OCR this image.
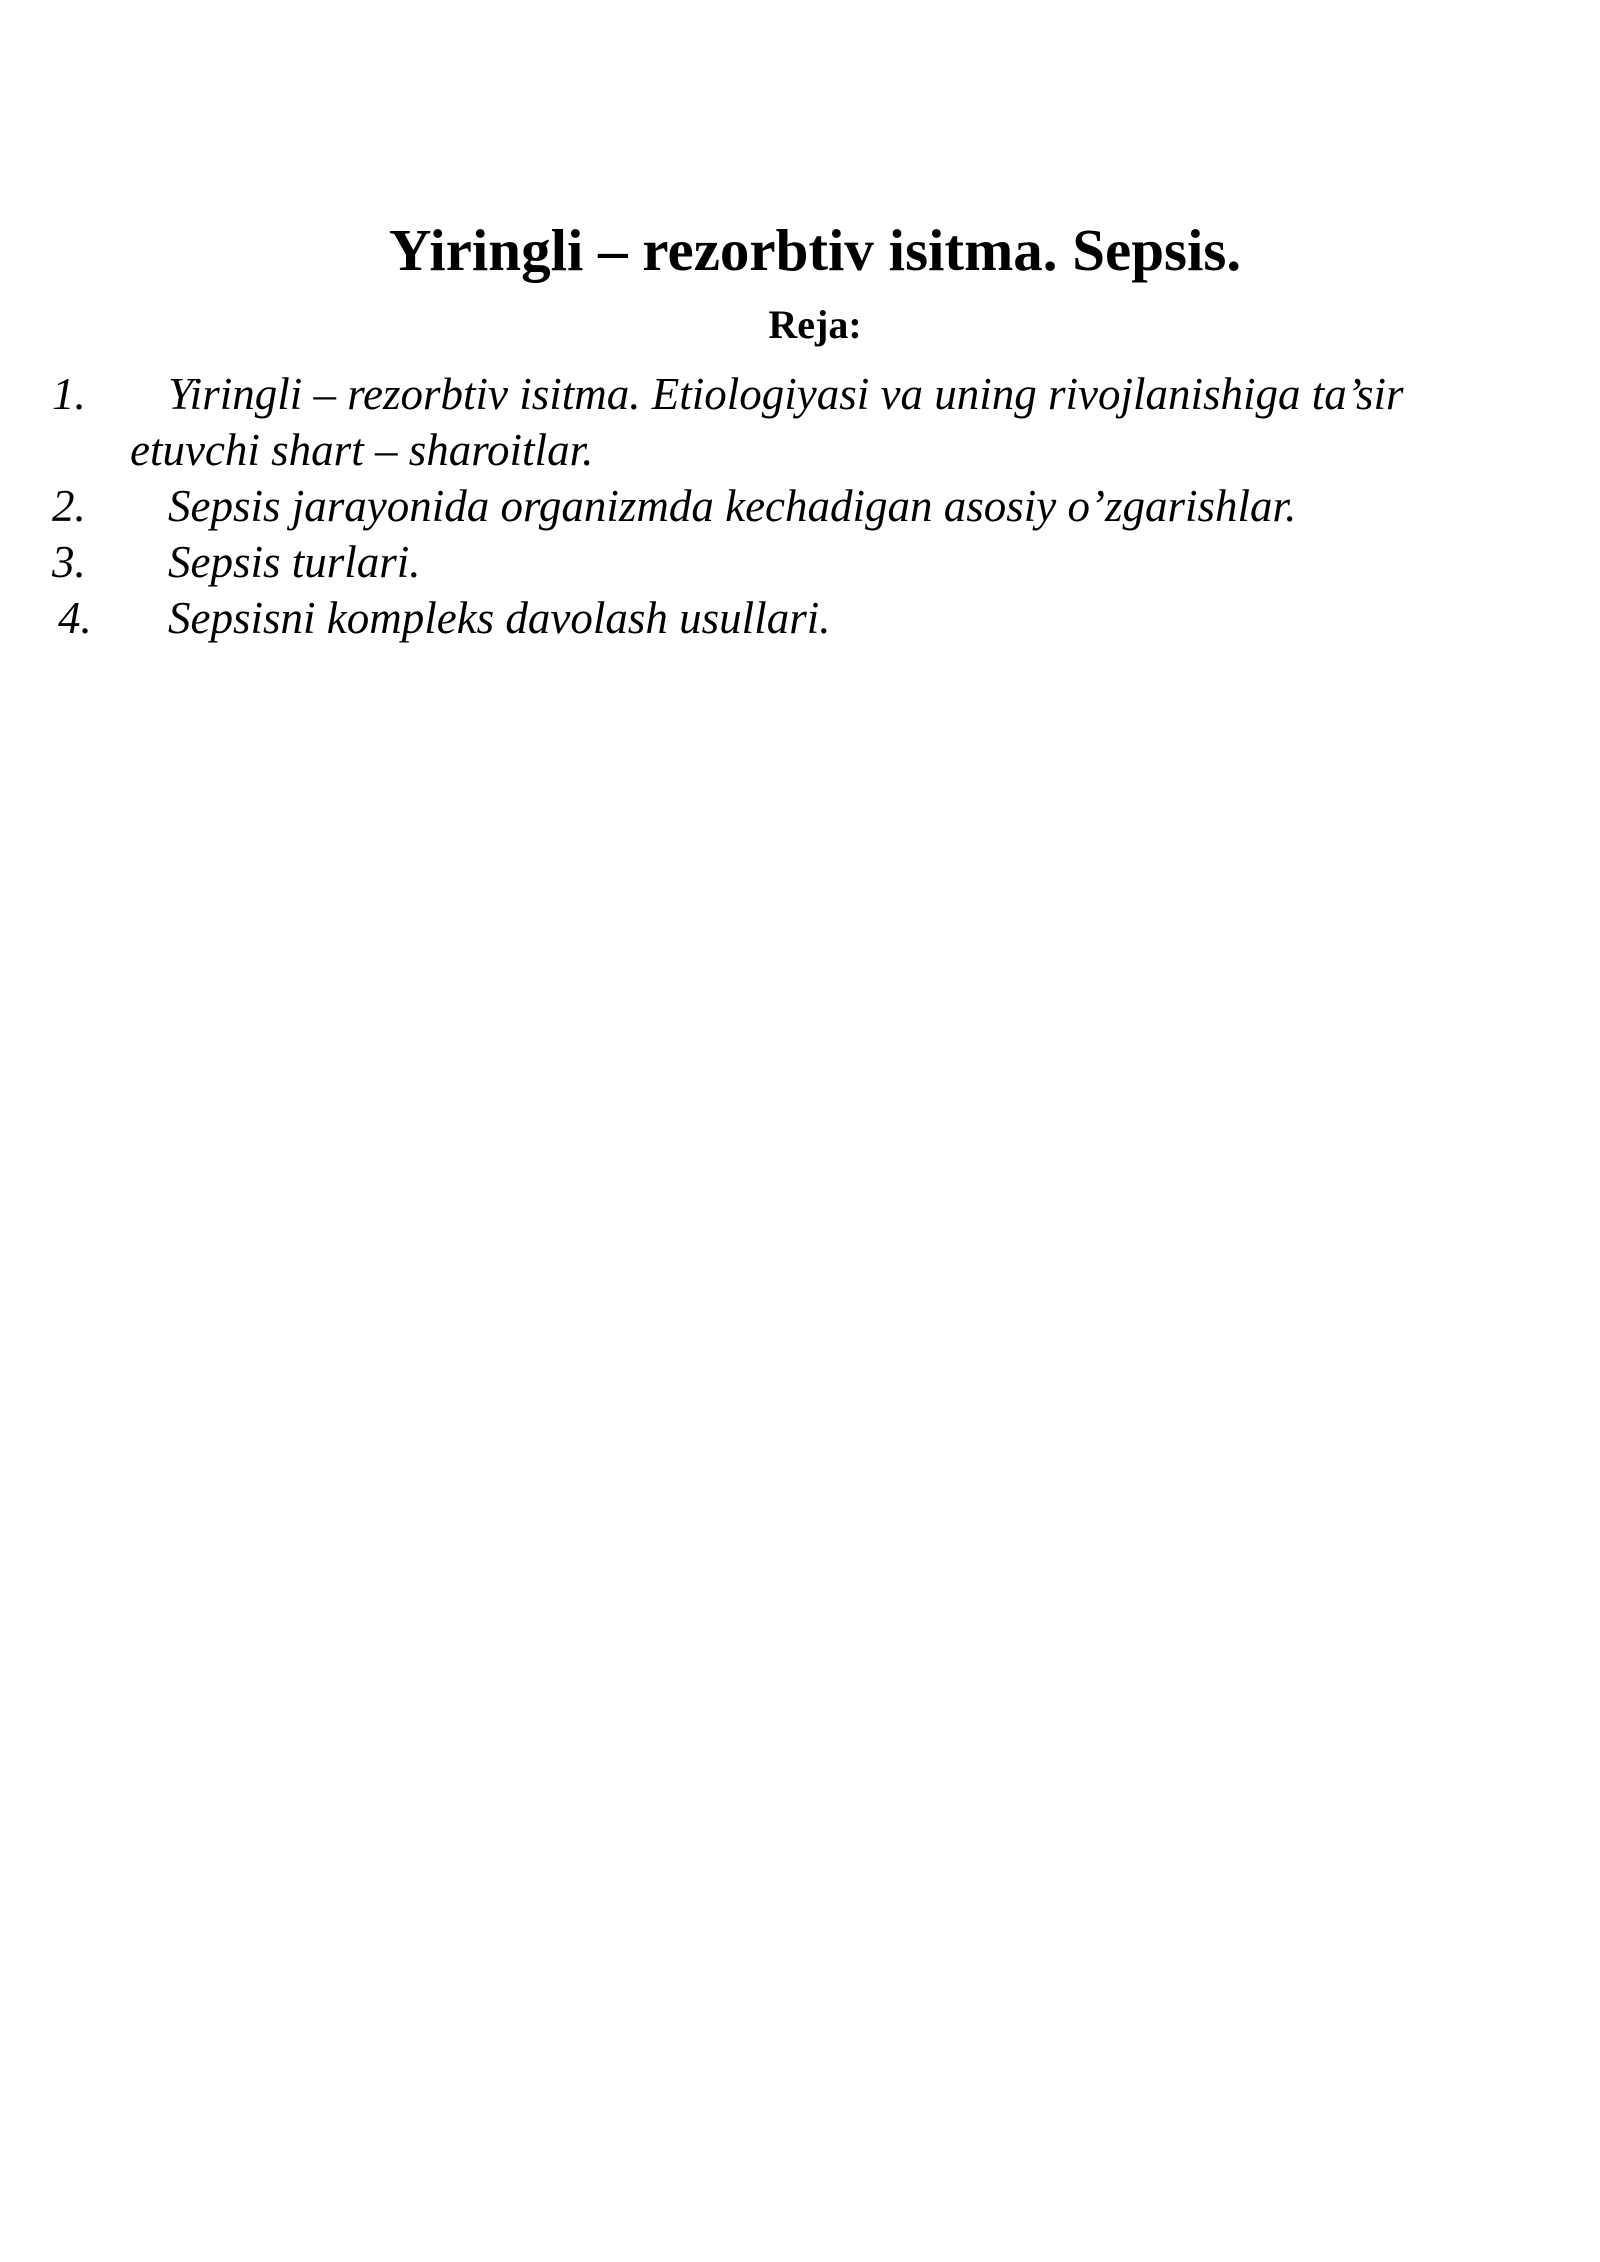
Yiringli – rezorbtiv isitma. Sepsis.
Reja:
1.	Yiringli – rezorbtiv isitma. Etiologiyasi va uning rivojlanishiga ta’sir etuvchi shart – sharoitlar.
2.	Sepsis jarayonida organizmda kechadigan asosiy o’zgarishlar.
3.	Sepsis turlari.
4.	Sepsisni kompleks davolash usullari.
